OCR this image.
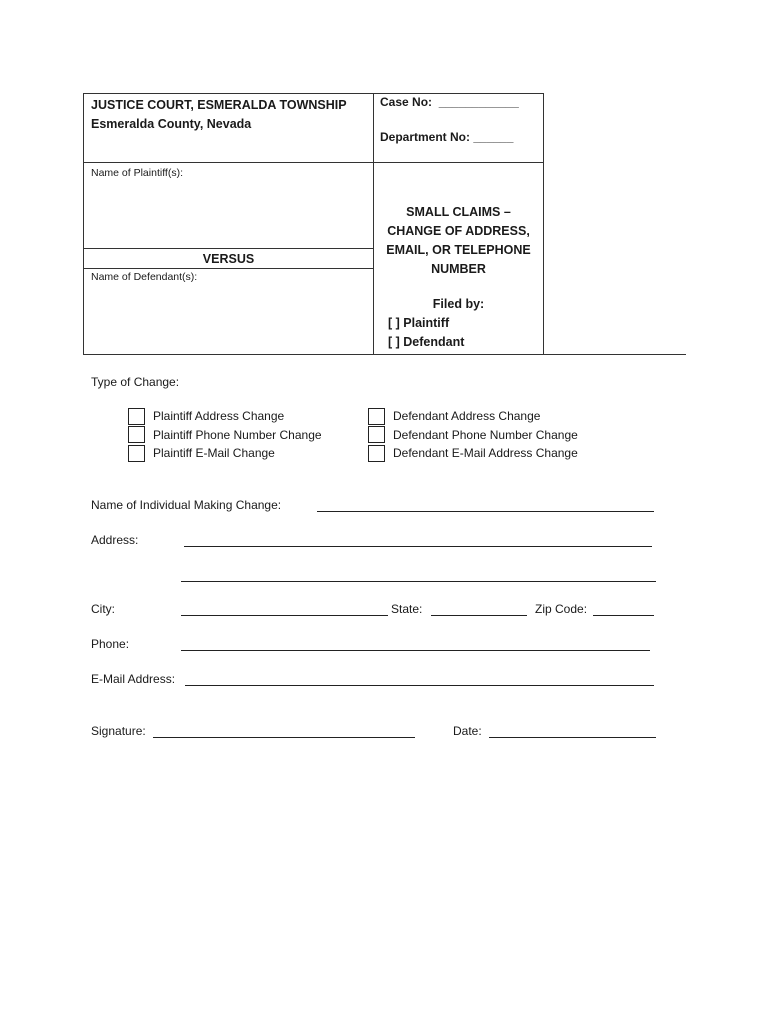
JUSTICE COURT, ESMERALDA TOWNSHIP
Esmeralda County, Nevada
Case No: ____________
Department No: ______
Name of Plaintiff(s):
VERSUS
Name of Defendant(s):
SMALL CLAIMS –
CHANGE OF ADDRESS,
EMAIL, OR TELEPHONE
NUMBER
Filed by:
[ ] Plaintiff
[ ] Defendant
Type of Change:
Plaintiff Address Change
Plaintiff Phone Number Change
Plaintiff E-Mail Change
Defendant Address Change
Defendant Phone Number Change
Defendant E-Mail Address Change
Name of Individual Making Change:
Address:
City:	State:	Zip Code:
Phone:
E-Mail Address:
Signature:	Date:
